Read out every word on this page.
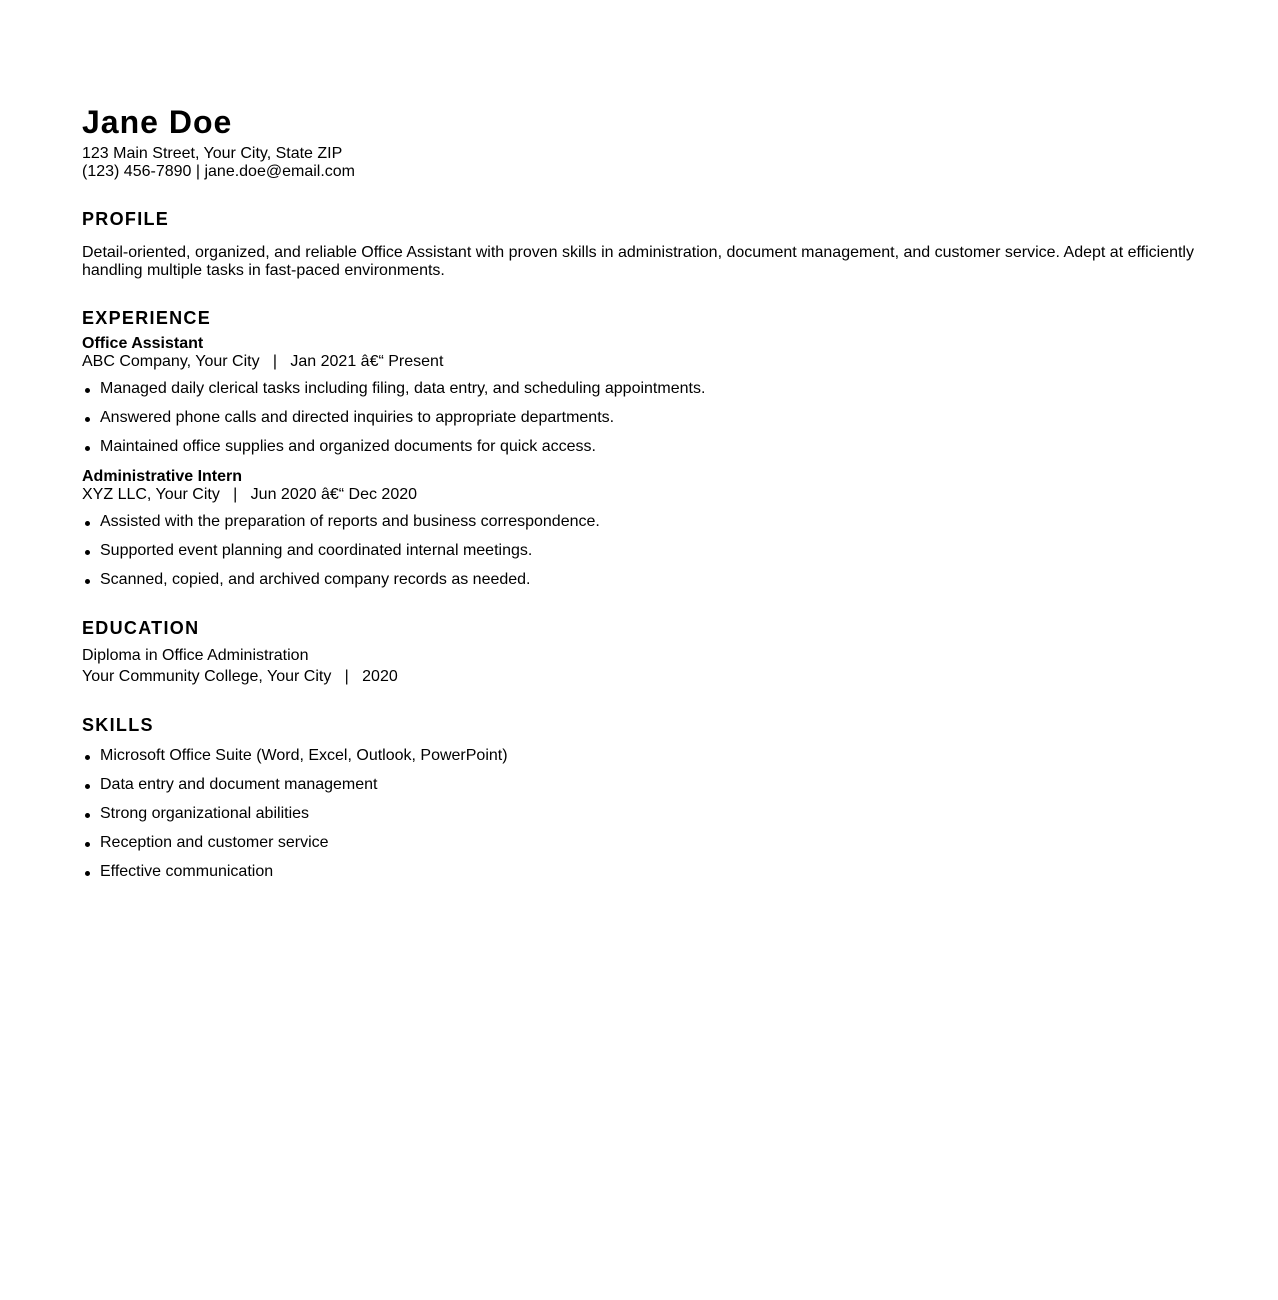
Jane Doe
123 Main Street, Your City, State ZIP
(123) 456-7890 | jane.doe@email.com
PROFILE

Detail-oriented, organized, and reliable Office Assistant with proven skills in administration, document management, and customer service. Adept at efficiently handling multiple tasks in fast-paced environments.

EXPERIENCE
Office Assistant
ABC Company, Your City   |   Jan 2021 â€“ Present
Managed daily clerical tasks including filing, data entry, and scheduling appointments.
Answered phone calls and directed inquiries to appropriate departments.
Maintained office supplies and organized documents for quick access.
Administrative Intern
XYZ LLC, Your City   |   Jun 2020 â€“ Dec 2020
Assisted with the preparation of reports and business correspondence.
Supported event planning and coordinated internal meetings.
Scanned, copied, and archived company records as needed.
EDUCATION
Diploma in Office Administration
Your Community College, Your City   |   2020
SKILLS
Microsoft Office Suite (Word, Excel, Outlook, PowerPoint)
Data entry and document management
Strong organizational abilities
Reception and customer service
Effective communication
